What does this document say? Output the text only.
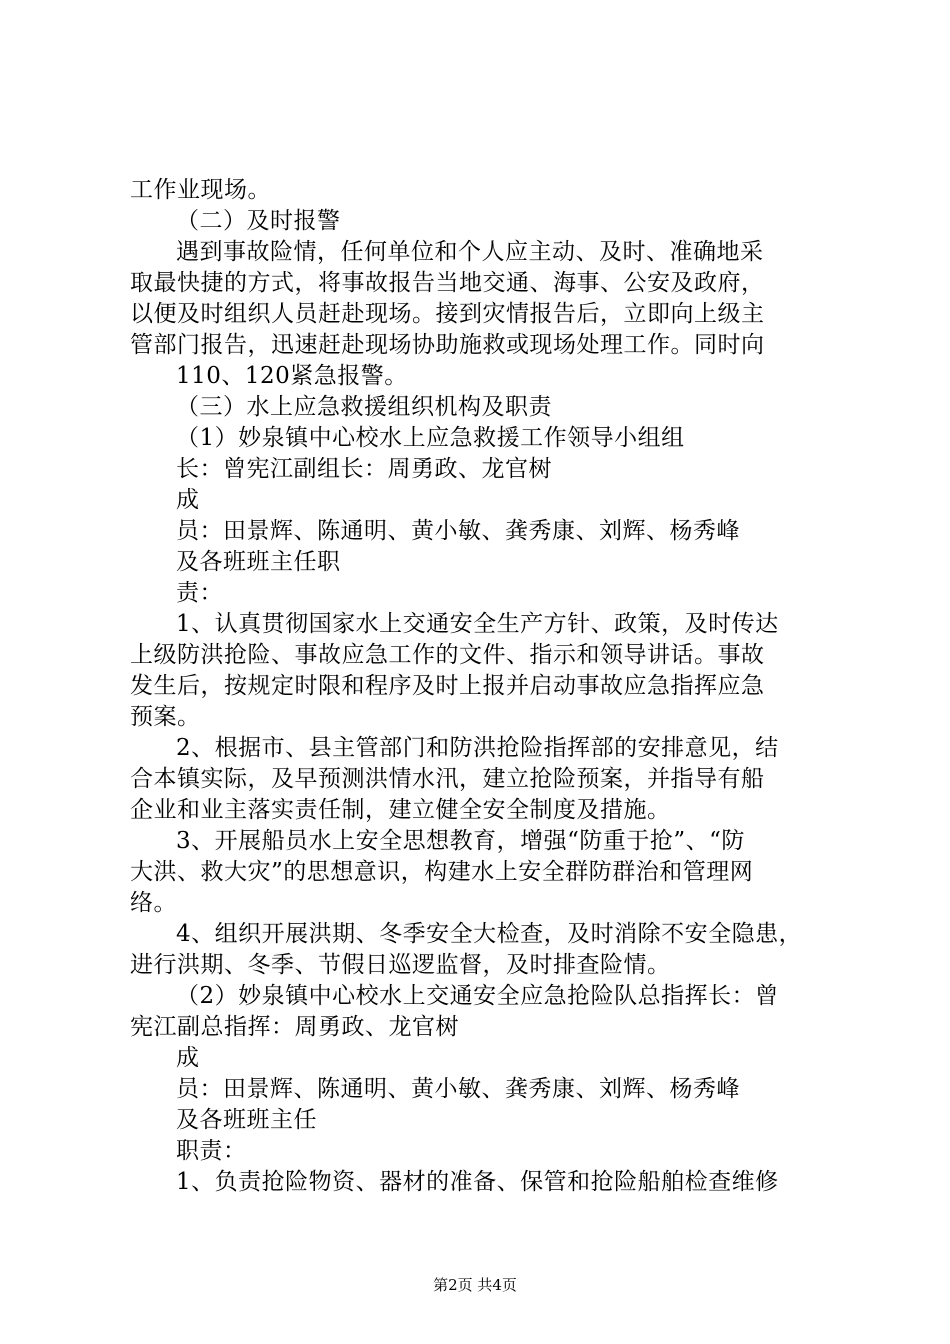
工作业现场。
（二）及时报警
遇到事故险情，任何单位和个人应主动、及时、准确地采
取最快捷的方式，将事故报告当地交通、海事、公安及政府，
以便及时组织人员赶赴现场。接到灾情报告后，立即向上级主
管部门报告，迅速赶赴现场协助施救或现场处理工作。同时向
110、120紧急报警。
（三）水上应急救援组织机构及职责
（1）妙泉镇中心校水上应急救援工作领导小组组
长：曾宪江副组长：周勇政、龙官树
成
员：田景辉、陈通明、黄小敏、龚秀康、刘辉、杨秀峰
及各班班主任职
责：
1、认真贯彻国家水上交通安全生产方针、政策，及时传达
上级防洪抢险、事故应急工作的文件、指示和领导讲话。事故
发生后，按规定时限和程序及时上报并启动事故应急指挥应急
预案。
2、根据市、县主管部门和防洪抢险指挥部的安排意见，结
合本镇实际，及早预测洪情水汛，建立抢险预案，并指导有船
企业和业主落实责任制，建立健全安全制度及措施。
3、开展船员水上安全思想教育，增强“防重于抢”、“防
大洪、救大灾”的思想意识，构建水上安全群防群治和管理网
络。
4、组织开展洪期、冬季安全大检查，及时消除不安全隐患，
进行洪期、冬季、节假日巡逻监督，及时排查险情。
（2）妙泉镇中心校水上交通安全应急抢险队总指挥长：曾
宪江副总指挥：周勇政、龙官树
成
员：田景辉、陈通明、黄小敏、龚秀康、刘辉、杨秀峰
及各班班主任
职责：
1、负责抢险物资、器材的准备、保管和抢险船舶检查维修
第2页 共4页
